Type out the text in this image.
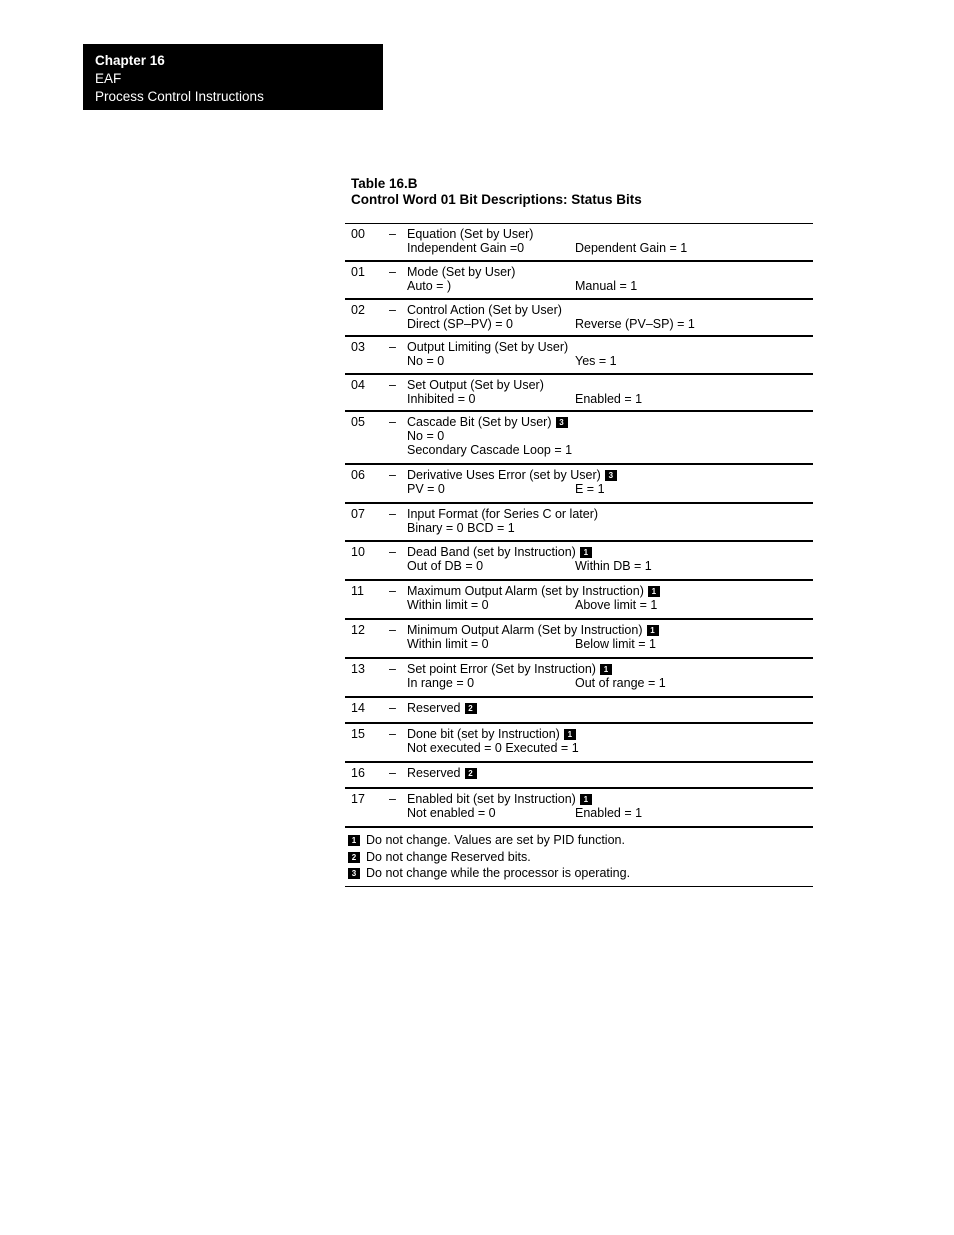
Chapter 16
EAF
Process Control Instructions
Table 16.B
Control Word 01 Bit Descriptions: Status Bits
00 – Equation (Set by User)
Independent Gain =0	Dependent Gain = 1
01 – Mode (Set by User)
Auto = )	Manual = 1
02 – Control Action (Set by User)
Direct (SP–PV) = 0	Reverse (PV–SP) = 1
03 – Output Limiting (Set by User)
No = 0	Yes = 1
04 – Set Output (Set by User)
Inhibited = 0	Enabled = 1
05 – Cascade Bit (Set by User) 3
No = 0
Secondary Cascade Loop = 1
06 – Derivative Uses Error (set by User) 3
PV = 0	E = 1
07 – Input Format (for Series C or later)
Binary = 0 BCD = 1
10 – Dead Band (set by Instruction) 1
Out of DB = 0	Within DB = 1
11 – Maximum Output Alarm (set by Instruction) 1
Within limit = 0	Above limit = 1
12 – Minimum Output Alarm (Set by Instruction) 1
Within limit = 0	Below limit = 1
13 – Set point Error (Set by Instruction) 1
In range = 0	Out of range = 1
14 – Reserved 2
15 – Done bit (set by Instruction) 1
Not executed = 0 Executed = 1
16 – Reserved 2
17 – Enabled bit (set by Instruction) 1
Not enabled = 0	Enabled = 1
1 Do not change. Values are set by PID function.
2 Do not change Reserved bits.
3 Do not change while the processor is operating.
